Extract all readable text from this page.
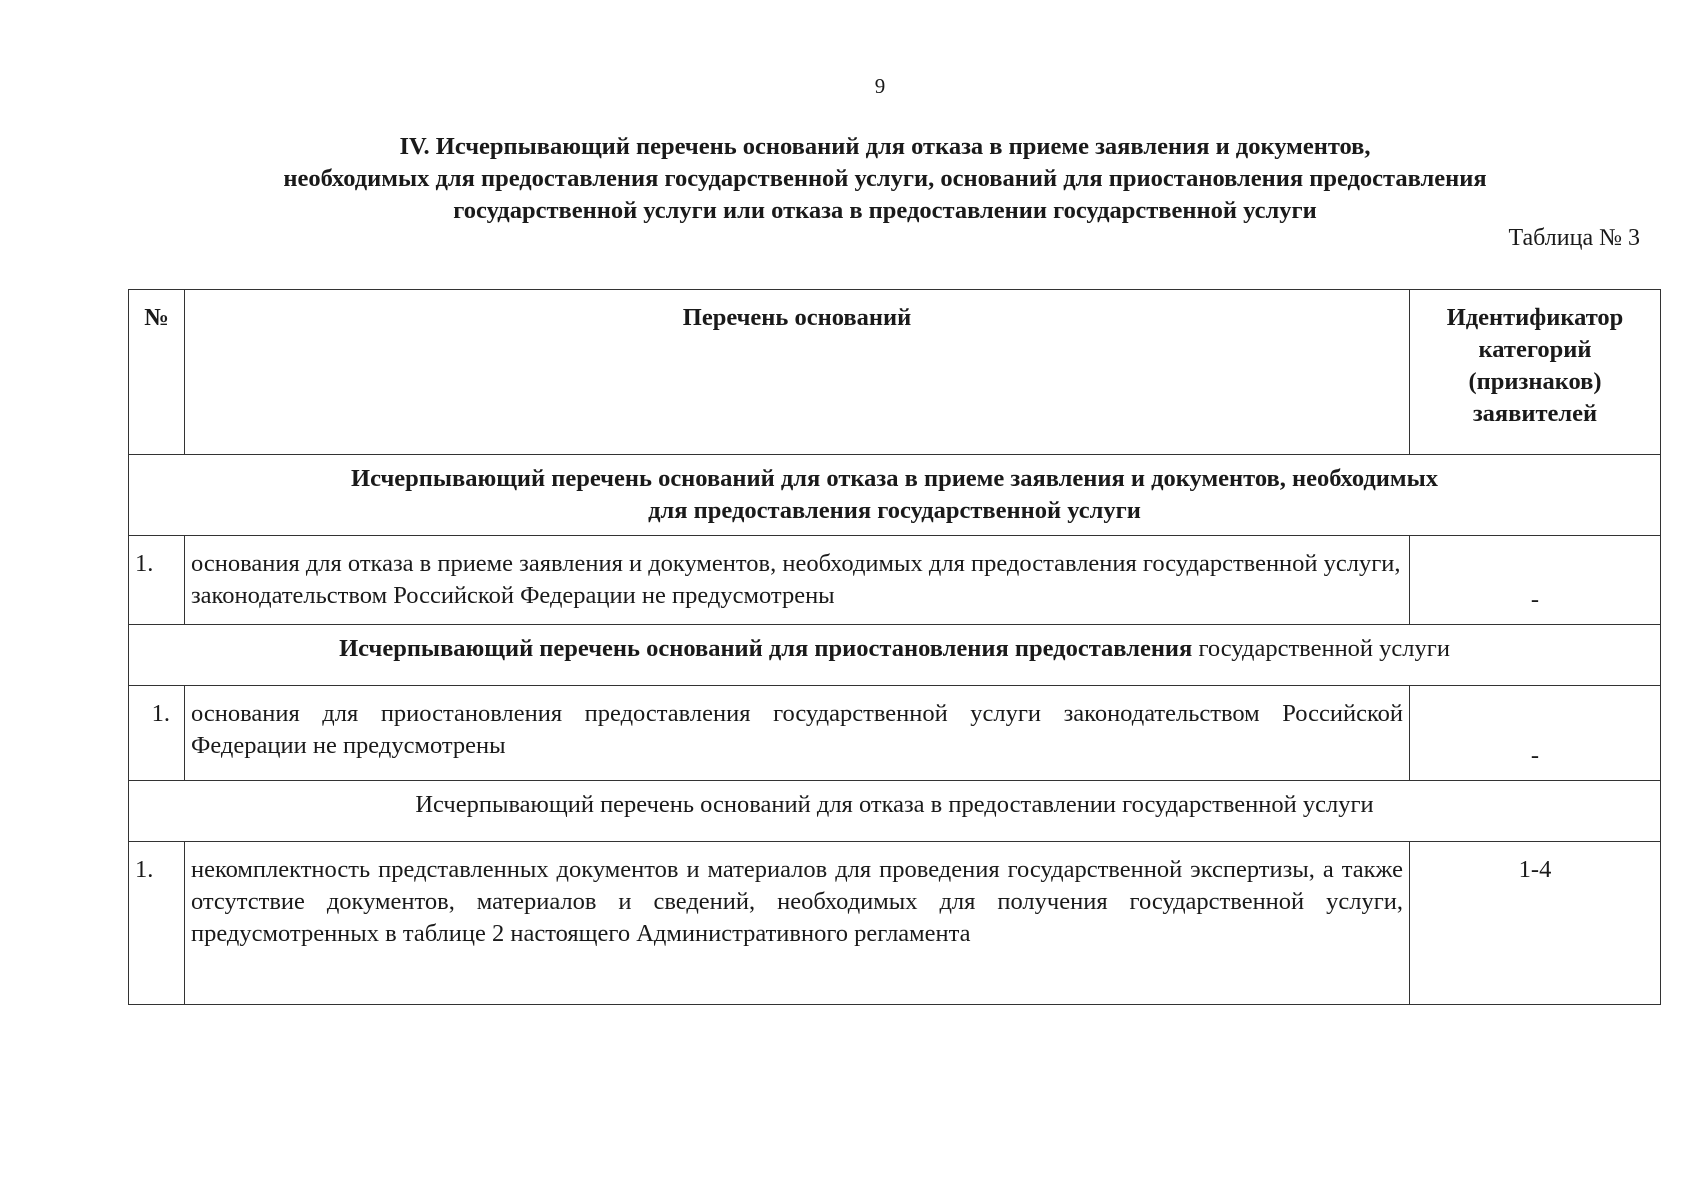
9
IV. Исчерпывающий перечень оснований для отказа в приеме заявления и документов,
необходимых для предоставления государственной услуги, оснований для приостановления предоставления
государственной услуги или отказа в предоставлении государственной услуги
Таблица № 3
№	Перечень оснований	Идентификатор
категорий
(признаков)
заявителей

Исчерпывающий перечень оснований для отказа в приеме заявления и документов, необходимых
для предоставления государственной услуги		

1.	основания для отказа в приеме заявления и документов, необходимых для предоставления государственной услуги, законодательством Российской Федерации не предусмотрены	-
Исчерпывающий перечень оснований для приостановления предоставления государственной услуги		
1.	основания для приостановления предоставления государственной услуги законодательством Российской Федерации не предусмотрены	-
Исчерпывающий перечень оснований для отказа в предоставлении государственной услуги		
1.	некомплектность представленных документов и материалов для проведения государственной экспертизы, а также отсутствие документов, материалов и сведений, необходимых для получения государственной услуги, предусмотренных в таблице 2 настоящего Административного регламента	1-4
